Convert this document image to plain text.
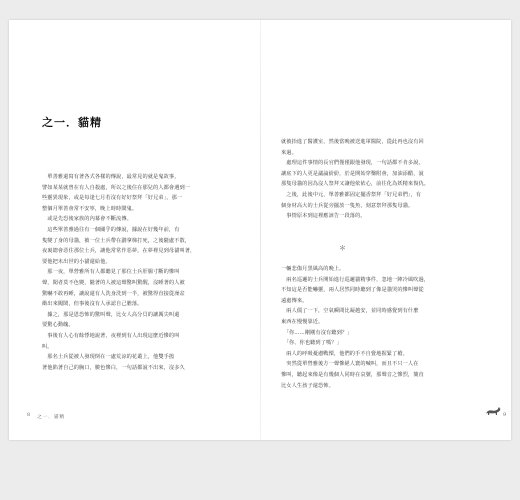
之一．貓精

　單善雅還寫有著各式各樣的傳說，最常見的就是鬼故事，

譬如某某就曾在有人自殺處，所以之後住在那兒的人都會遇到一

些靈異現象，或是每逢七月若沒有好好祭拜「好兄弟」，那一

整個月單善會常不安寧，晚上時時鬧鬼。

　或是先恐後家族的內幕會不斷流傳。

　這些單善雅過往有一個關乎的傳說，據說在好幾年前，有

隻變了身的母貓，被一位士兵帶在劃拿梯打死，之後隨處不散，

夜裏總會惡住那位士兵，讓他常常作惡夢，在夢裡見到母貓叫著，

要他把未出世的小貓還給他。

　那一夜，單營雅所有人都聽見了那位士兵肝腸寸斷的慘叫

聲，聞者莫不色變，隨著的人被這聲驚叫驚醒，沒睡著的人被

驚嚇不敢再睡，讓說還有人洗身洗到一半，被驚得直接從澡盆

衝出來闖鬧，但事後沒有人承認自己膽落。

　據之，那是恩恐怖的驚叫聲，比女人高分貝的讓厲尖叫還

要驚心動魄。

　事後有人心有餘悸地說著，夜裡到有人出現這麼近慘的叫

叫。

　那名士兵從被人發現倒在一處荒涼的花叢上，他雙手摀

著他陷著自己的胸口，臉色慘白，一句話都說不出來，沒多久

8 之一．貓精

就被抬進了醫護室，然後當晚被送進軍醫院，從此再也沒有回

來過。

　處理這件事情的長官們僅僅跟他發現，一句話都不肯多說，

讓底下的人更是議論紛紛，於是開始穿鑿附會，加油添醋，說

那隻母貓的因為沒人祭拜又讓他依依心，前往化為妖精來復仇。

　之後，此後中元，單善雅都固定擺香祭拜「好兄弟們」，有

個身材高大的士兵從旁擺放一隻魚，刻意祭拜那隻母貓。

　事情原本到這裡應該告一段落的。

＊

一輛悲傷月黑風高的晚上。

　兩名巡邏的士兵開始進行巡邏貓精事件，忽地一陣冷風吹過，

不知這是否能嚇靈，兩人居然同時聽到了像是貓哭的慘叫聲從

遠處傳來。

　兩人僵了一下，空氣瞬間比凝越安，並同時感覺到有什麼

東西在慢慢靠近。

　「你……剛剛有沒有聽到？」

　「你、你也聽到了嗎？」

　兩人的呼吸憂慮戰慄，他們的手不自覺地握緊了槍。

　突然從單營雅後方一聲慘絕人寰的喊叫，而且不只一人在

慘叫，聽起來像是有幾個人同時在哀號，那聲音之慘烈，簡直

比女人生孩子還恐怖。

9
